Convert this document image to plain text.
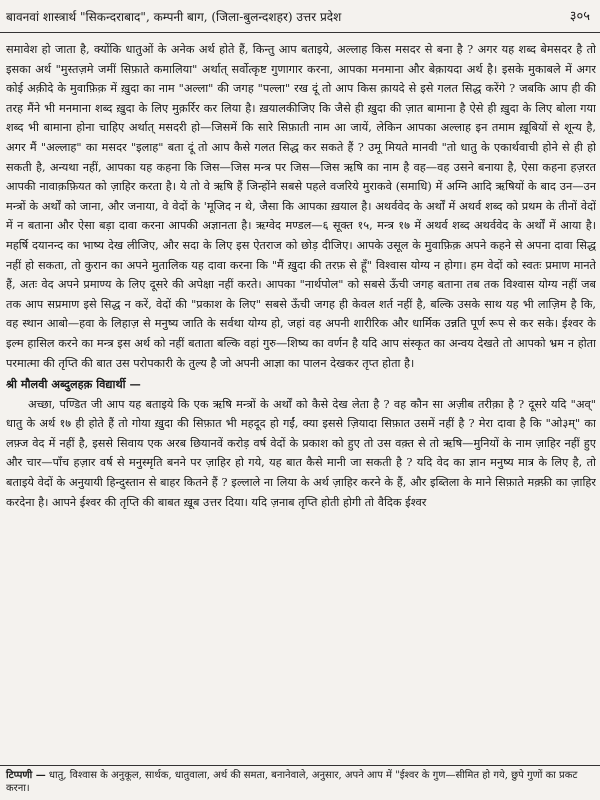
बावनवां शास्त्रार्थ "सिकन्दराबाद", कम्पनी बाग, (जिला-बुलन्दशहर) उत्तर प्रदेश	३०५

समावेश हो जाता है, क्योंकि धातुओं के अनेक अर्थ होते हैं, किन्तु आप बताइये, अल्लाह किस मसदर से बना है ? अगर यह शब्द बेमसदर है तो इसका अर्थ "मुस्तज़मे जमीं सिफ़ाते कमालिया" अर्थात् सर्वोत्कृष्ट गुणागार करना, आपका मनमाना और बेक़ायदा अर्थ है। इसके मुकाबले में अगर कोई अक़ीदे के मुवाफ़िक़ में ख़ुदा का नाम "अल्ला" की जगह "पल्ला" रख दूं तो आप किस क़ायदे से इसे गलत सिद्ध करेंगे ? जबकि आप ही की तरह मैंने भी मनमाना शब्द ख़ुदा के लिए मुक़र्रिर कर लिया है। ख़यालकीजिए कि जैसे ही ख़ुदा की ज़ात बामाना है ऐसे ही ख़ुदा के लिए बोला गया शब्द भी बामाना होना चाहिए अर्थात् मसदरी हो—जिसमें कि सारे सिफ़ाती नाम आ जायें, लेकिन आपका अल्लाह इन तमाम ख़ूबियों से शून्य है, अगर मैं "अल्लाह" का मसदर "इलाह" बता दूं तो आप कैसे गलत सिद्ध कर सकते हैं ? उमू मियते मानवी "तो धातु के एकार्थवाची होने से ही हो सकती है, अन्यथा नहीं, आपका यह कहना कि जिस—जिस मन्त्र पर जिस—जिस ऋषि का नाम है वह—वह उसने बनाया है, ऐसा कहना हज़रत आपकी नावाक़फ़ियत को ज़ाहिर करता है। ये तो वे ऋषि हैं जिन्होंने सबसे पहले वजरिये मुराकवे (समाधि) में अग्नि आदि ऋषियों के बाद उन—उन मन्त्रों के अर्थों को जाना, और जनाया, वे वेदों के 'मूजिद न थे, जैसा कि आपका ख़याल है। अथर्ववेद के अर्थों में अथर्व शब्द को प्रथम के तीनों वेदों में न बताना और ऐसा बड़ा दावा करना आपकी अज्ञानता है। ऋग्वेद मण्डल—६ सूक्त १५, मन्त्र १७ में अथर्व शब्द अथर्ववेद के अर्थों में आया है। महर्षि दयानन्द का भाष्य देख लीजिए, और सदा के लिए इस ऐतराज को छोड़ दीजिए। आपके उसूल के मुवाफ़िक़ अपने कहने से अपना दावा सिद्ध नहीं हो सकता, तो कुरान का अपने मुतालिक यह दावा करना कि "मैं ख़ुदा की तरफ़ से हूँ" विश्वास योग्य न होगा। हम वेदों को स्वतः प्रमाण मानते हैं, अतः वेद अपने प्रमाण्य के लिए दूसरे की अपेक्षा नहीं करते। आपका "नार्थपोल" को सबसे ऊँची जगह बताना तब तक विश्वास योग्य नहीं जब तक आप सप्रमाण इसे सिद्ध न करें, वेदों की "प्रकाश के लिए" सबसे ऊँची जगह ही केवल शर्त नहीं है, बल्कि उसके साथ यह भी लाज़िम है कि, वह स्थान आबो—हवा के लिहाज़ से मनुष्य जाति के सर्वथा योग्य हो, जहां वह अपनी शारीरिक और धार्मिक उन्नति पूर्ण रूप से कर सके। ईश्वर के इल्म हासिल करने का मन्त्र इस अर्थ को नहीं बताता बल्कि वहां गुरु—शिष्य का वर्णन है यदि आप संस्कृत का अन्वय देखते तो आपको भ्रम न होता परमात्मा की तृप्ति की बात उस परोपकारी के तुल्य है जो अपनी आज्ञा का पालन देखकर तृप्त होता है।

श्री मौलवी अब्दुलहक़ विद्यार्थी —

अच्छा, पण्डित जी आप यह बताइये कि एक ऋषि मन्त्रों के अर्थों को कैसे देख लेता है ? वह कौन सा अज़ीब तरीक़ा है ? दूसरे यदि "अव्" धातु के अर्थ १७ ही होते हैं तो गोया ख़ुदा की सिफ़ात भी महदूद हो गईं, क्या इससे ज़ियादा सिफ़ात उसमें नहीं है ? मेरा दावा है कि "ओ३म्" का लफ़्ज वेद में नहीं है, इससे सिवाय एक अरब छियानवें करोड़ वर्ष वेदों के प्रकाश को हुए तो उस वक़्त से तो ऋषि—मुनियों के नाम ज़ाहिर नहीं हुए और चार—पाँच हज़ार वर्ष से मनुस्मृति बनने पर ज़ाहिर हो गये, यह बात कैसे मानी जा सकती है ? यदि वेद का ज्ञान मनुष्य मात्र के लिए है, तो बताइये वेदों के अनुयायी हिन्दुस्तान से बाहर कितने हैं ? इल्लाले ना लिया के अर्थ ज़ाहिर करने के हैं, और इब्तिला के माने सिफ़ाते मक़्फ़ी का ज़ाहिर करदेना है। आपने ईश्वर की तृप्ति की बाबत ख़ूब उत्तर दिया। यदि ज़नाब तृप्ति होती होगी तो वैदिक ईश्वर

टिप्पणी — धातु, विश्वास के अनुकूल, सार्थक, धातुवाला, अर्थ की समता, बनानेवाले, अनुसार, अपने आप में "ईश्वर के गुण—सीमित हो गये, छुपे गुणों का प्रकट करना।
